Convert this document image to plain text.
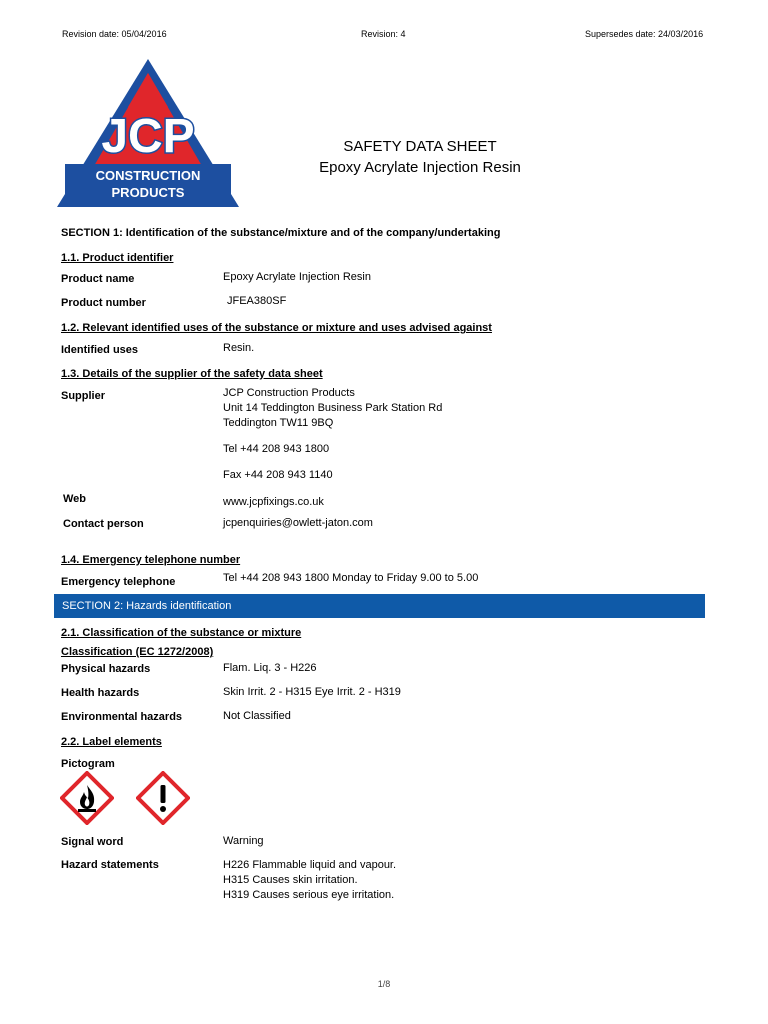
Revision date: 05/04/2016	Revision: 4	Supersedes date: 24/03/2016
JCP
CONSTRUCTION
PRODUCTS
SAFETY DATA SHEET
Epoxy Acrylate Injection Resin
SECTION 1: Identification of the substance/mixture and of the company/undertaking
1.1. Product identifier
Product name	Epoxy Acrylate Injection Resin
Product number	JFEA380SF
1.2. Relevant identified uses of the substance or mixture and uses advised against
Identified uses	Resin.
1.3. Details of the supplier of the safety data sheet
Supplier	JCP Construction Products
Unit 14 Teddington Business Park Station Rd
Teddington TW11 9BQ
Tel +44 208 943 1800
Fax +44 208 943 1140
Web	www.jcpfixings.co.uk
Contact person	jcpenquiries@owlett-jaton.com
1.4. Emergency telephone number
Emergency telephone	Tel +44 208 943 1800 Monday to Friday 9.00 to 5.00
SECTION 2: Hazards identification
2.1. Classification of the substance or mixture
Classification (EC 1272/2008)
Physical hazards	Flam. Liq. 3 - H226
Health hazards	Skin Irrit. 2 - H315 Eye Irrit. 2 - H319
Environmental hazards	Not Classified
2.2. Label elements
Pictogram
Signal word	Warning
Hazard statements	H226 Flammable liquid and vapour.
H315 Causes skin irritation.
H319 Causes serious eye irritation.
1/8
